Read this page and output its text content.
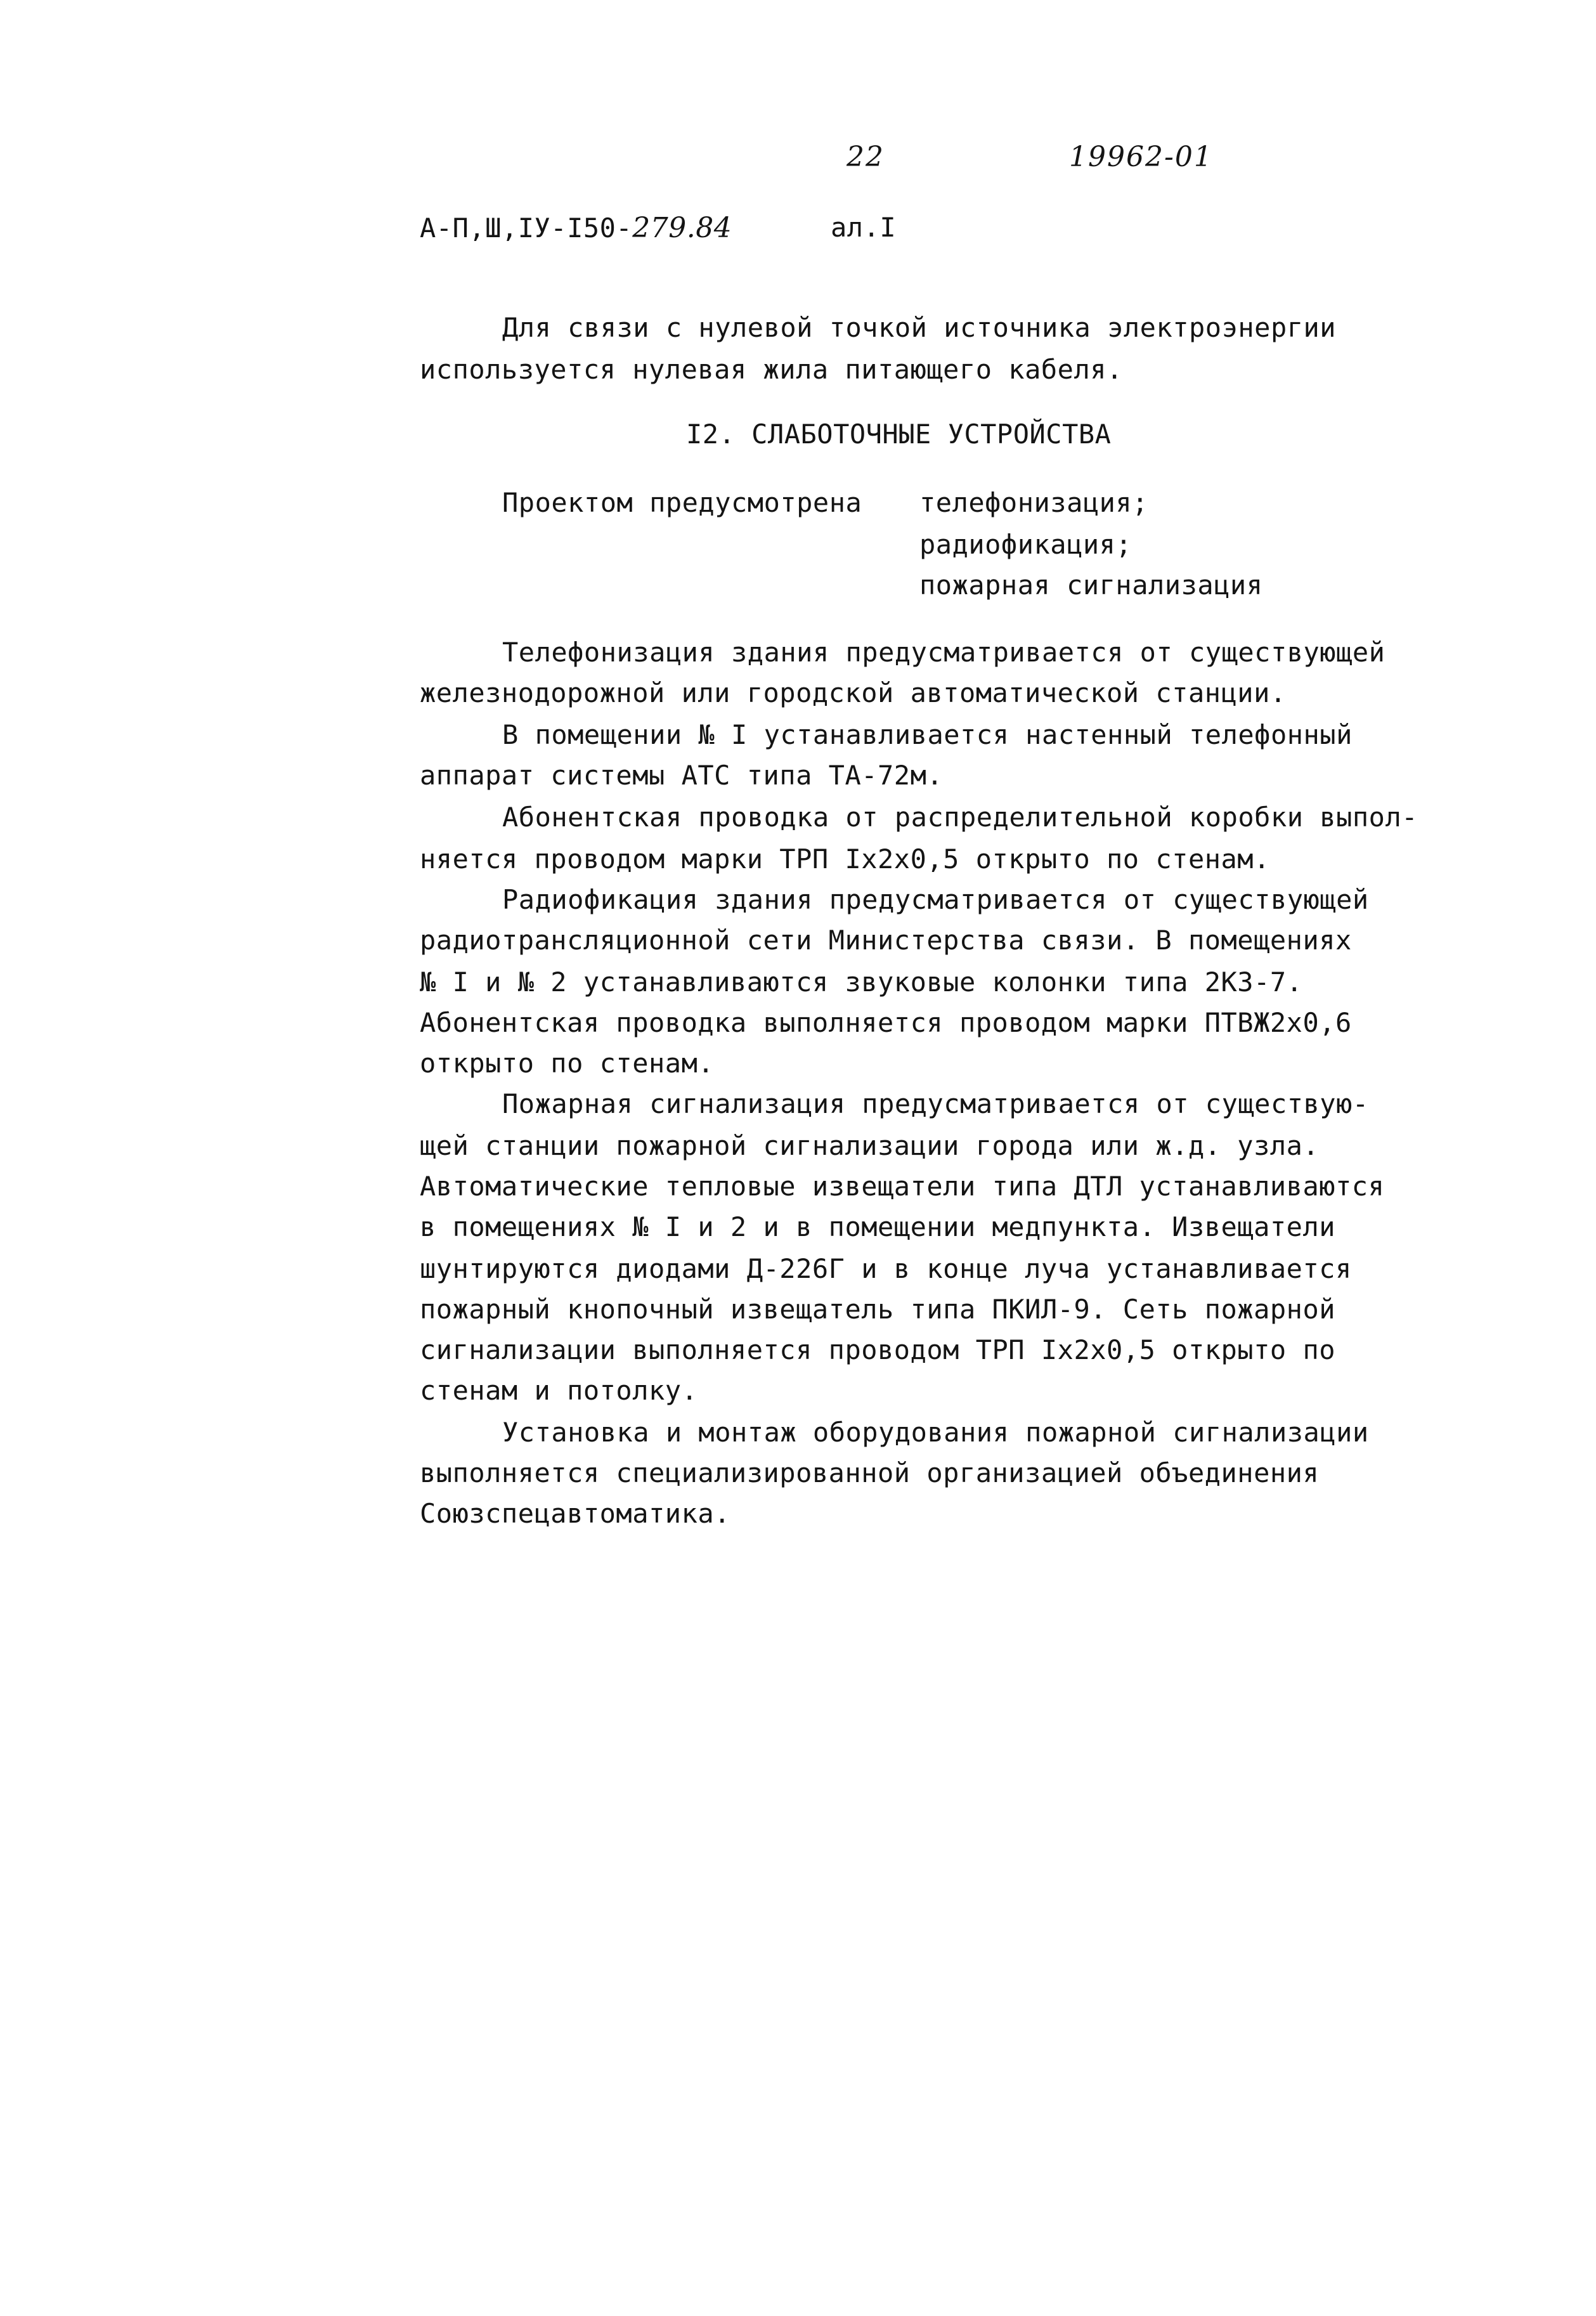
22	19962-01
А-П,Ш,IУ-I50-279.84	ал.I
Для связи с нулевой точкой источника электроэнергии
используется нулевая жила питающего кабеля.
I2. СЛАБОТОЧНЫЕ УСТРОЙСТВА
Проектом предусмотрена телефонизация;
радиофикация;
пожарная сигнализация
Телефонизация здания предусматривается от существующей
железнодорожной или городской автоматической станции.
В помещении № I устанавливается настенный телефонный
аппарат системы АТС типа ТА-72м.
Абонентская проводка от распределительной коробки выпол-
няется проводом марки ТРП Iх2х0,5 открыто по стенам.
Радиофикация здания предусматривается от существующей
радиотрансляционной сети Министерства связи. В помещениях
№ I и № 2 устанавливаются звуковые колонки типа 2КЗ-7.
Абонентская проводка выполняется проводом марки ПТВЖ2х0,6
открыто по стенам.
Пожарная сигнализация предусматривается от существую-
щей станции пожарной сигнализации города или ж.д. узла.
Автоматические тепловые извещатели типа ДТЛ устанавливаются
в помещениях № I и 2 и в помещении медпункта. Извещатели
шунтируются диодами Д-226Г и в конце луча устанавливается
пожарный кнопочный извещатель типа ПКИЛ-9. Сеть пожарной
сигнализации выполняется проводом ТРП Iх2х0,5 открыто по
стенам и потолку.
Установка и монтаж оборудования пожарной сигнализации
выполняется специализированной организацией объединения
Союзспецавтоматика.
